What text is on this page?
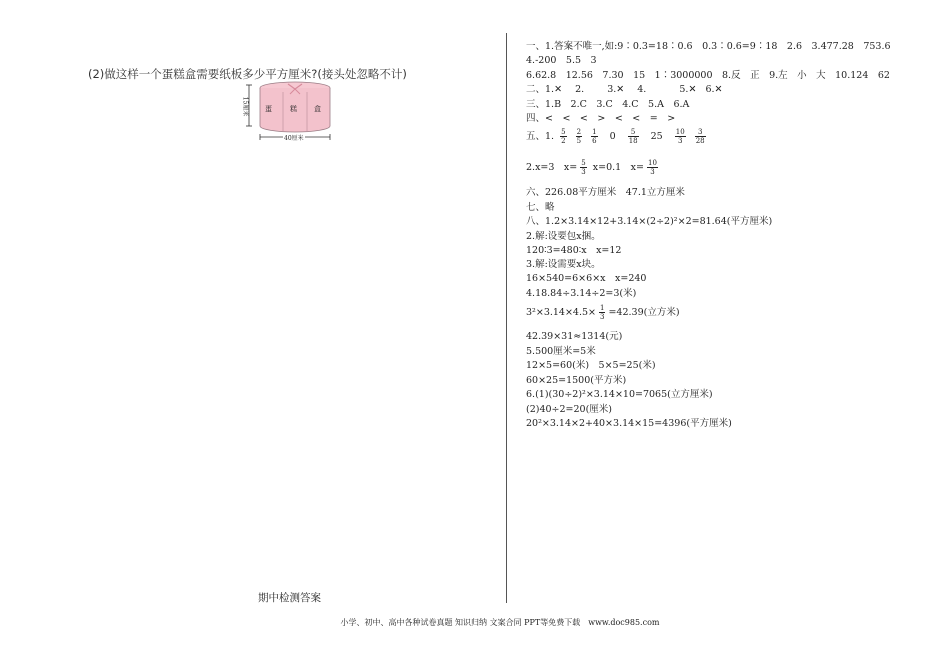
(2)做这样一个蛋糕盒需要纸板多少平方厘米?(接头处忽略不计)
蛋	糕 盒
15厘米
40厘米
期中检测答案
一、1.答案不唯一,如:9∶0.3=18∶0.6　0.3∶0.6=9∶18　2.6　3.477.28　753.6
4.-200　5.5　3
6.62.8　12.56　7.30　15　1∶3000000　8.反　正　9.左　小　大　10.124　62
二、1.✕ 2. 3.✕ 4.	5.✕ 6.✕
三、1.B　2.C　3.C　4.C　5.A　6.A
四、<　<　<　>　<　<　=　>
五、1. $\frac{5}{2}$
$\frac{2}{5}$
$\frac{1}{6} 0 \frac{5}{18} 25 \frac{10}{3}$
$\frac{3}{28}$
2.x=3　$x= \frac{5}{3} x=0.1$　$x= \frac{10}{3}$
六、226.08平方厘米　47.1立方厘米
七、略
八、1.2×3.14×12+3.14×(2÷2)²×2=81.64(平方厘米)
2.解:设要包x捆。
120∶3=480∶x　x=12
3.解:设需要x块。
16×540=6×6×x　x=240
4.18.84÷3.14÷2=3(米)
$3^2\times 3.14\times 4.5\times \frac{1}{3} =42.39$(立方米)
42.39×31≈1314(元)
5.500厘米=5米
12×5=60(米)　5×5=25(米)
60×25=1500(平方米)
6.(1)(30÷2)²×3.14×10=7065(立方厘米)
(2)40÷2=20(厘米)
20²×3.14×2+40×3.14×15=4396(平方厘米)
小学、初中、高中各种试卷真题 知识归纳 文案合同 PPT等免费下载　www.doc985.com
